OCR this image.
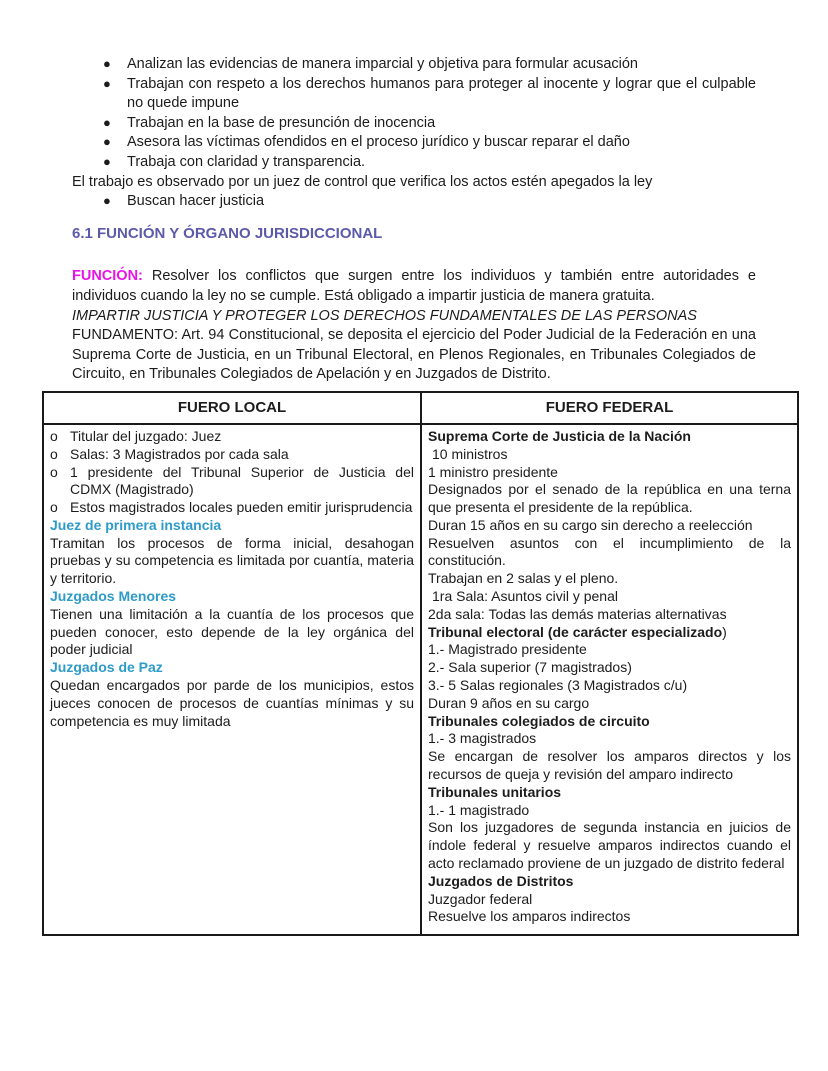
● Analizan las evidencias de manera imparcial y objetiva para formular acusación
● Trabajan con respeto a los derechos humanos para proteger al inocente y lograr que el culpable no quede impune
● Trabajan en la base de presunción de inocencia
● Asesora las víctimas ofendidos en el proceso jurídico y buscar reparar el daño
● Trabaja con claridad y transparencia.
El trabajo es observado por un juez de control que verifica los actos estén apegados la ley
● Buscan hacer justicia
6.1 FUNCIÓN Y ÓRGANO JURISDICCIONAL
FUNCIÓN: Resolver los conflictos que surgen entre los individuos y también entre autoridades e individuos cuando la ley no se cumple. Está obligado a impartir justicia de manera gratuita.
IMPARTIR JUSTICIA Y PROTEGER LOS DERECHOS FUNDAMENTALES DE LAS PERSONAS
FUNDAMENTO: Art. 94 Constitucional, se deposita el ejercicio del Poder Judicial de la Federación en una Suprema Corte de Justicia, en un Tribunal Electoral, en Plenos Regionales, en Tribunales Colegiados de Circuito, en Tribunales Colegiados de Apelación y en Juzgados de Distrito.
FUERO LOCAL	FUERO FEDERAL

o Titular del juzgado: Juez
o Salas: 3 Magistrados por cada sala
o 1 presidente del Tribunal Superior de Justicia del CDMX (Magistrado)
o Estos magistrados locales pueden emitir jurisprudencia
Juez de primera instancia
Tramitan los procesos de forma inicial, desahogan pruebas y su competencia es limitada por cuantía, materia y territorio.
Juzgados Menores
Tienen una limitación a la cuantía de los procesos que pueden conocer, esto depende de la ley orgánica del poder judicial
Juzgados de Paz
Quedan encargados por parde de los municipios, estos jueces conocen de procesos de cuantías mínimas y su competencia es muy limitada

Suprema Corte de Justicia de la Nación
10 ministros
1 ministro presidente
Designados por el senado de la república en una terna que presenta el presidente de la república.
Duran 15 años en su cargo sin derecho a reelección
Resuelven asuntos con el incumplimiento de la constitución.
Trabajan en 2 salas y el pleno.
1ra Sala: Asuntos civil y penal
2da sala: Todas las demás materias alternativas
Tribunal electoral (de carácter especializado)
1.- Magistrado presidente
2.- Sala superior (7 magistrados)
3.- 5 Salas regionales (3 Magistrados c/u)
Duran 9 años en su cargo
Tribunales colegiados de circuito
1.- 3 magistrados
Se encargan de resolver los amparos directos y los recursos de queja y revisión del amparo indirecto
Tribunales unitarios
1.- 1 magistrado
Son los juzgadores de segunda instancia en juicios de índole federal y resuelve amparos indirectos cuando el acto reclamado proviene de un juzgado de distrito federal
Juzgados de Distritos
Juzgador federal
Resuelve los amparos indirectos
